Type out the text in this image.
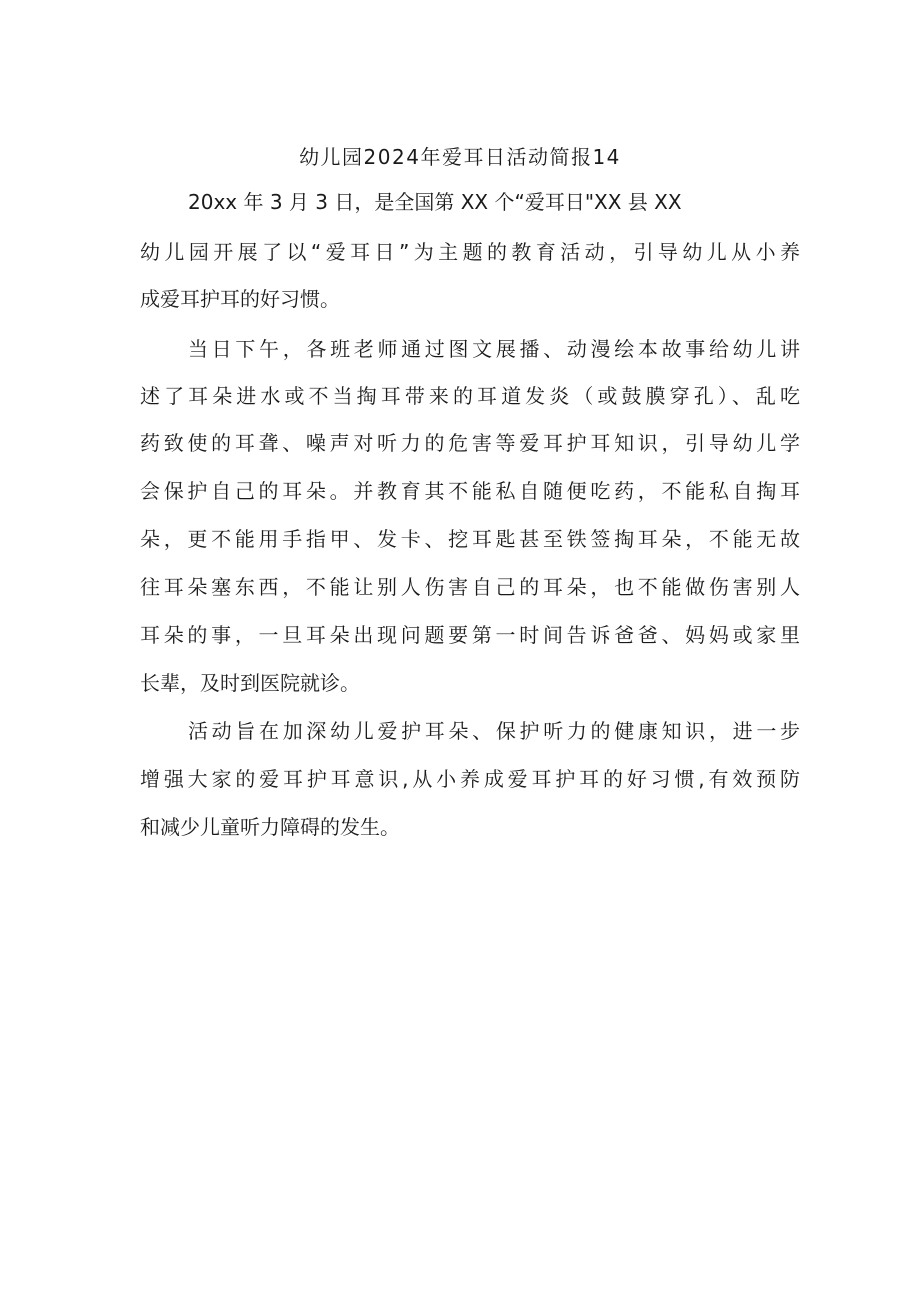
幼儿园2024年爱耳日活动简报14
20xx 年 3 月 3 日，是全国第 XX 个“爱耳日"XX 县 XX
幼儿园开展了以“爱耳日”为主题的教育活动，引导幼儿从小养
成爱耳护耳的好习惯。
当日下午，各班老师通过图文展播、动漫绘本故事给幼儿讲
述了耳朵进水或不当掏耳带来的耳道发炎（或鼓膜穿孔）、乱吃
药致使的耳聋、噪声对听力的危害等爱耳护耳知识，引导幼儿学
会保护自己的耳朵。并教育其不能私自随便吃药，不能私自掏耳
朵，更不能用手指甲、发卡、挖耳匙甚至铁签掏耳朵，不能无故
往耳朵塞东西，不能让别人伤害自己的耳朵，也不能做伤害别人
耳朵的事，一旦耳朵出现问题要第一时间告诉爸爸、妈妈或家里
长辈，及时到医院就诊。
活动旨在加深幼儿爱护耳朵、保护听力的健康知识，进一步
增强大家的爱耳护耳意识,从小养成爱耳护耳的好习惯,有效预防
和减少儿童听力障碍的发生。
